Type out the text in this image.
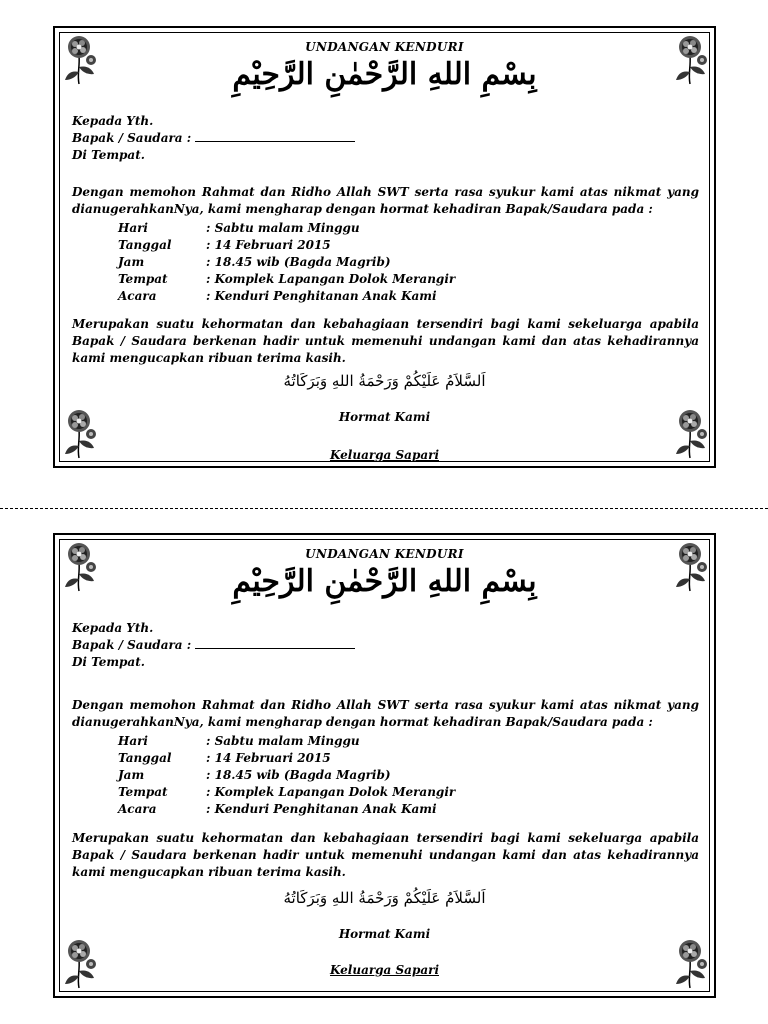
UNDANGAN KENDURI
بِسْمِ اللهِ الرَّحْمٰنِ الرَّحِيْمِ
Kepada Yth.
Bapak / Saudara :
Di Tempat.
Dengan memohon Rahmat dan Ridho Allah SWT serta rasa syukur kami atas nikmat yang dianugerahkanNya, kami mengharap dengan hormat kehadiran Bapak/Saudara pada :
Hari	: Sabtu malam Minggu
Tanggal	: 14 Februari 2015
Jam	: 18.45 wib (Bagda Magrib)
Tempat	: Komplek Lapangan Dolok Merangir
Acara	: Kenduri Penghitanan Anak Kami
Merupakan suatu kehormatan dan kebahagiaan tersendiri bagi kami sekeluarga apabila Bapak / Saudara berkenan hadir untuk memenuhi undangan kami dan atas kehadirannya kami mengucapkan ribuan terima kasih.
اَلسَّلاَمُ عَلَيْكُمْ وَرَحْمَةُ اللهِ وَبَرَكَاتُهُ
Hormat Kami
Keluarga Sapari
UNDANGAN KENDURI
بِسْمِ اللهِ الرَّحْمٰنِ الرَّحِيْمِ
Kepada Yth.
Bapak / Saudara :
Di Tempat.
Dengan memohon Rahmat dan Ridho Allah SWT serta rasa syukur kami atas nikmat yang dianugerahkanNya, kami mengharap dengan hormat kehadiran Bapak/Saudara pada :
Hari	: Sabtu malam Minggu
Tanggal	: 14 Februari 2015
Jam	: 18.45 wib (Bagda Magrib)
Tempat	: Komplek Lapangan Dolok Merangir
Acara	: Kenduri Penghitanan Anak Kami
Merupakan suatu kehormatan dan kebahagiaan tersendiri bagi kami sekeluarga apabila Bapak / Saudara berkenan hadir untuk memenuhi undangan kami dan atas kehadirannya kami mengucapkan ribuan terima kasih.
اَلسَّلاَمُ عَلَيْكُمْ وَرَحْمَةُ اللهِ وَبَرَكَاتُهُ
Hormat Kami
Keluarga Sapari
